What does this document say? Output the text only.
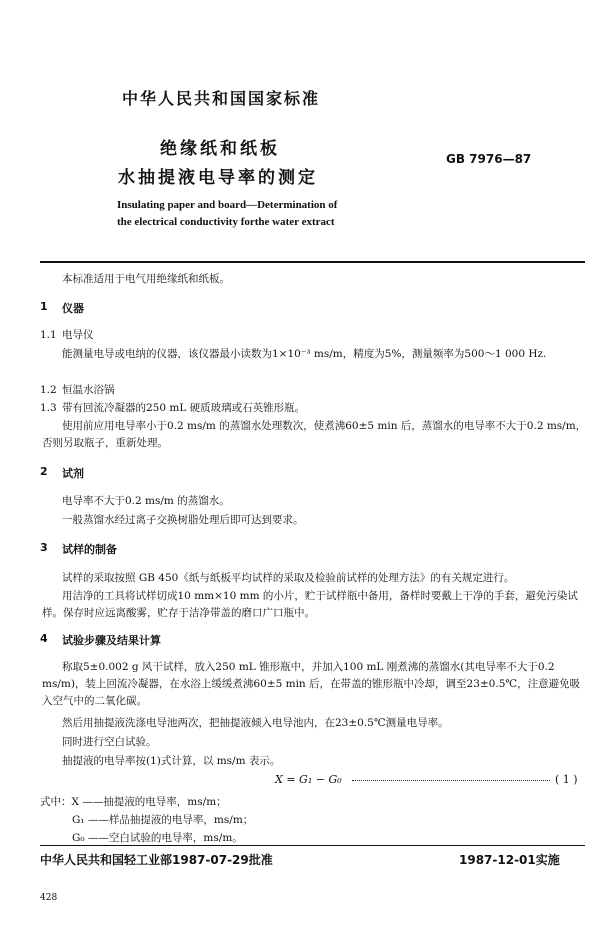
中华人民共和国国家标准
绝缘纸和纸板
水抽提液电导率的测定
GB 7976—87
Insulating paper and board—Determination of
the electrical conductivity forthe water extract
本标准适用于电气用绝缘纸和纸板。
1 仪器
1.1 电导仪
能测量电导或电纳的仪器，该仪器最小读数为1×10⁻³ ms/m，精度为5%，测量频率为500～1 000 Hz.
1.2 恒温水浴锅
1.3 带有回流冷凝器的250 mL 硬质玻璃或石英锥形瓶。
使用前应用电导率小于0.2 ms/m 的蒸馏水处理数次，使煮沸60±5 min 后，蒸馏水的电导率不大于0.2 ms/m，否则另取瓶子，重新处理。
2 试剂
电导率不大于0.2 ms/m 的蒸馏水。
一般蒸馏水经过离子交换树脂处理后即可达到要求。
3 试样的制备
试样的采取按照 GB 450《纸与纸板平均试样的采取及检验前试样的处理方法》的有关规定进行。
用洁净的工具将试样切成10 mm×10 mm 的小片，贮于试样瓶中备用，备样时要戴上干净的手套，避免污染试样。保存时应远离酸雾，贮存于洁净带盖的磨口广口瓶中。
4 试验步骤及结果计算
称取5±0.002 g 风干试样，放入250 mL 锥形瓶中，并加入100 mL 刚煮沸的蒸馏水(其电导率不大于0.2 ms/m)，装上回流冷凝器，在水浴上缓缓煮沸60±5 min 后，在带盖的锥形瓶中冷却，调至23±0.5℃，注意避免吸入空气中的二氧化碳。
然后用抽提液洗涤电导池两次，把抽提液倾入电导池内，在23±0.5℃测量电导率。
同时进行空白试验。
抽提液的电导率按(1)式计算，以 ms/m 表示。
X = G₁ − G₀	( 1 )
式中：X ——抽提液的电导率，ms/m；
G₁ ——样品抽提液的电导率，ms/m；
G₀ ——空白试验的电导率，ms/m。
中华人民共和国轻工业部1987-07-29批准	1987-12-01实施
428
